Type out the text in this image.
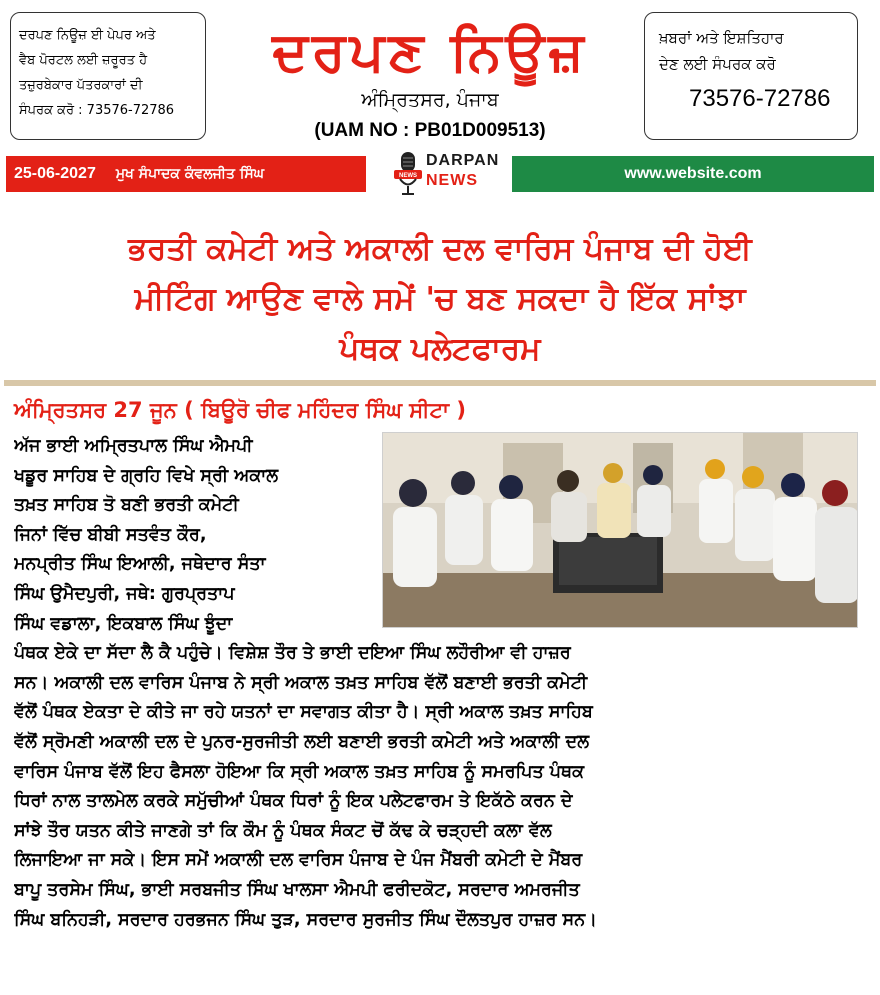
ਦਰਪਣ ਨਿਊਜ਼ ਈ ਪੇਪਰ ਅਤੇ
ਵੈਬ ਪੋਰਟਲ ਲਈ ਜ਼ਰੂਰਤ ਹੈ
ਤਜ਼ੁਰਬੇਕਾਰ ਪੱਤਰਕਾਰਾਂ ਦੀ
ਸੰਪਰਕ ਕਰੋ : 73576-72786
ਦਰਪਣ ਨਿਊਜ਼
ਅੰਮ੍ਰਿਤਸਰ, ਪੰਜਾਬ
(UAM NO : PB01D009513)
ਖ਼ਬਰਾਂ ਅਤੇ ਇਸ਼ਤਿਹਾਰ
ਦੇਣ ਲਈ ਸੰਪਰਕ ਕਰੋ
73576-72786
25-06-2027 ਮੁਖ ਸੰਪਾਦਕ ਕੰਵਲਜੀਤ ਸਿੰਘ	NEWS
DARPAN
NEWS	www.website.com
ਭਰਤੀ ਕਮੇਟੀ ਅਤੇ ਅਕਾਲੀ ਦਲ ਵਾਰਿਸ ਪੰਜਾਬ ਦੀ ਹੋਈ
ਮੀਟਿੰਗ ਆਉਣ ਵਾਲੇ ਸਮੇਂ 'ਚ ਬਣ ਸਕਦਾ ਹੈ ਇੱਕ ਸਾਂਝਾ
ਪੰਥਕ ਪਲੇਟਫਾਰਮ
ਅੰਮ੍ਰਿਤਸਰ 27 ਜੂਨ ( ਬਿਊਰੋ ਚੀਫ ਮਹਿੰਦਰ ਸਿੰਘ ਸੀਟਾ )
ਅੱਜ ਭਾਈ ਅਮ੍ਰਿਤਪਾਲ ਸਿੰਘ ਐਮਪੀ
ਖਡੂਰ ਸਾਹਿਬ ਦੇ ਗ੍ਰਹਿ ਵਿਖੇ ਸ੍ਰੀ ਅਕਾਲ
ਤਖ਼ਤ ਸਾਹਿਬ ਤੋ ਬਣੀ ਭਰਤੀ ਕਮੇਟੀ
ਜਿਨਾਂ ਵਿੱਚ ਬੀਬੀ ਸਤਵੰਤ ਕੌਰ,
ਮਨਪ੍ਰੀਤ ਸਿੰਘ ਇਆਲੀ, ਜਥੇਦਾਰ ਸੰਤਾ
ਸਿੰਘ ਉਮੈਦਪੁਰੀ, ਜਥੇ: ਗੁਰਪ੍ਰਤਾਪ
ਸਿੰਘ ਵਡਾਲਾ, ਇਕਬਾਲ ਸਿੰਘ ਝੂੰਦਾ
ਪੰਥਕ ਏਕੇ ਦਾ ਸੱਦਾ ਲੈ ਕੈ ਪਹੁੰਚੇ। ਵਿਸ਼ੇਸ਼ ਤੌਰ ਤੇ ਭਾਈ ਦਇਆ ਸਿੰਘ ਲਹੌਰੀਆ ਵੀ ਹਾਜ਼ਰ
ਸਨ। ਅਕਾਲੀ ਦਲ ਵਾਰਿਸ ਪੰਜਾਬ ਨੇ ਸ੍ਰੀ ਅਕਾਲ ਤਖ਼ਤ ਸਾਹਿਬ ਵੱਲੋਂ ਬਣਾਈ ਭਰਤੀ ਕਮੇਟੀ
ਵੱਲੋਂ ਪੰਥਕ ਏਕਤਾ ਦੇ ਕੀਤੇ ਜਾ ਰਹੇ ਯਤਨਾਂ ਦਾ ਸਵਾਗਤ ਕੀਤਾ ਹੈ। ਸ੍ਰੀ ਅਕਾਲ ਤਖ਼ਤ ਸਾਹਿਬ
ਵੱਲੋਂ ਸ੍ਰੋਮਣੀ ਅਕਾਲੀ ਦਲ ਦੇ ਪੁਨਰ-ਸੁਰਜੀਤੀ ਲਈ ਬਣਾਈ ਭਰਤੀ ਕਮੇਟੀ ਅਤੇ ਅਕਾਲੀ ਦਲ
ਵਾਰਿਸ ਪੰਜਾਬ ਵੱਲੋਂ ਇਹ ਫੈਸਲਾ ਹੋਇਆ ਕਿ ਸ੍ਰੀ ਅਕਾਲ ਤਖ਼ਤ ਸਾਹਿਬ ਨੂੰ ਸਮਰਪਿਤ ਪੰਥਕ
ਧਿਰਾਂ ਨਾਲ ਤਾਲਮੇਲ ਕਰਕੇ ਸਮੁੱਚੀਆਂ ਪੰਥਕ ਧਿਰਾਂ ਨੂੰ ਇਕ ਪਲੇਟਫਾਰਮ ਤੇ ਇਕੱਠੇ ਕਰਨ ਦੇ
ਸਾਂਝੇ ਤੌਰ ਯਤਨ ਕੀਤੇ ਜਾਣਗੇ ਤਾਂ ਕਿ ਕੌਮ ਨੂੰ ਪੰਥਕ ਸੰਕਟ ਚੋਂ ਕੱਢ ਕੇ ਚੜ੍ਹਦੀ ਕਲਾ ਵੱਲ
ਲਿਜਾਇਆ ਜਾ ਸਕੇ। ਇਸ ਸਮੇਂ ਅਕਾਲੀ ਦਲ ਵਾਰਿਸ ਪੰਜਾਬ ਦੇ ਪੰਜ ਮੈਂਬਰੀ ਕਮੇਟੀ ਦੇ ਮੈਂਬਰ
ਬਾਪੂ ਤਰਸੇਮ ਸਿੰਘ, ਭਾਈ ਸਰਬਜੀਤ ਸਿੰਘ ਖਾਲਸਾ ਐਮਪੀ ਫਰੀਦਕੋਟ, ਸਰਦਾਰ ਅਮਰਜੀਤ
ਸਿੰਘ ਬਨਿਹੜੀ, ਸਰਦਾਰ ਹਰਭਜਨ ਸਿੰਘ ਤੁੜ, ਸਰਦਾਰ ਸੁਰਜੀਤ ਸਿੰਘ ਦੌਲਤਪੁਰ ਹਾਜ਼ਰ ਸਨ।
